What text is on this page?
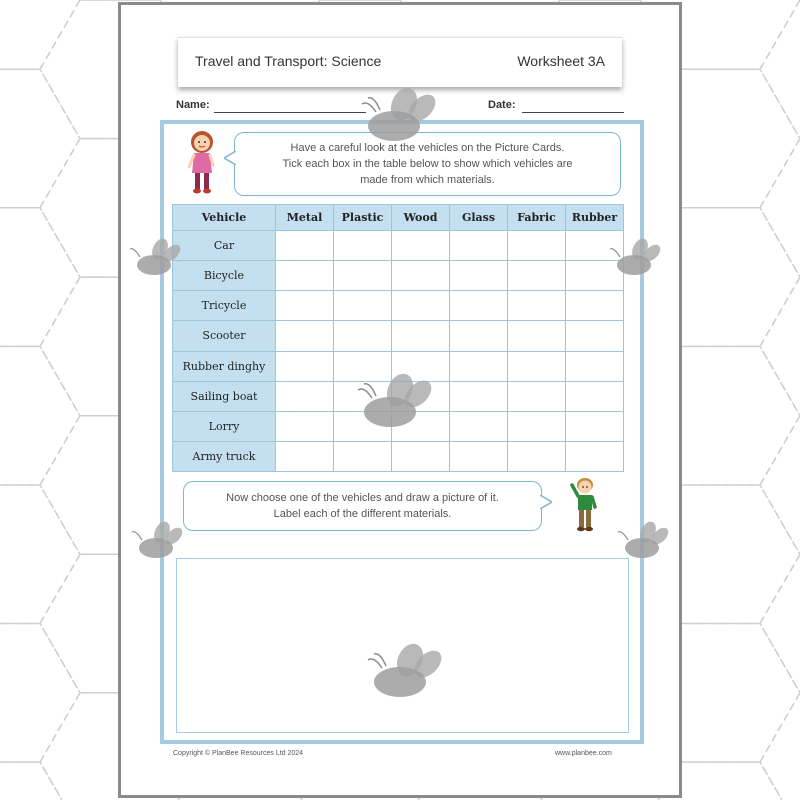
Travel and Transport: Science	Worksheet 3A
Name:	Date:
Have a careful look at the vehicles on the Picture Cards.
Tick each box in the table below to show which vehicles are
made from which materials.
Vehicle	Metal	Plastic	Wood	Glass	Fabric	Rubber
Car						
Bicycle						
Tricycle						
Scooter						
Rubber dinghy						
Sailing boat						
Lorry						
Army truck						
Now choose one of the vehicles and draw a picture of it.
Label each of the different materials.
Copyright © PlanBee Resources Ltd 2024	www.planbee.com
